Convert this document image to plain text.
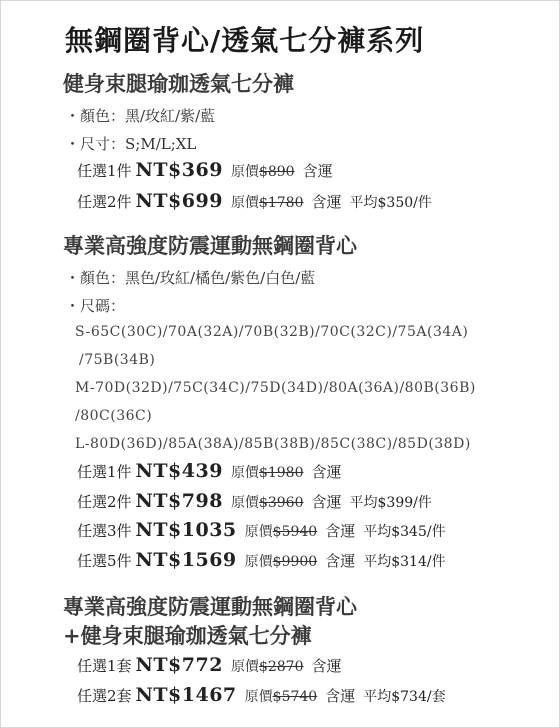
無鋼圈背心/透氣七分褲系列
健身束腿瑜珈透氣七分褲
・顏色：黑/玫紅/紫/藍
・尺寸：S;M/L;XL
任選1件 NT$369 原價$890 含運
任選2件 NT$699 原價$1780 含運 平均$350/件
專業高強度防震運動無鋼圈背心
・顏色：黑色/玫紅/橘色/紫色/白色/藍
・尺碼：
S-65C(30C)/70A(32A)/70B(32B)/70C(32C)/75A(34A)
/75B(34B)
M-70D(32D)/75C(34C)/75D(34D)/80A(36A)/80B(36B)
/80C(36C)
L-80D(36D)/85A(38A)/85B(38B)/85C(38C)/85D(38D)
任選1件 NT$439 原價$1980 含運
任選2件 NT$798 原價$3960 含運 平均$399/件
任選3件 NT$1035 原價$5940 含運 平均$345/件
任選5件 NT$1569 原價$9900 含運 平均$314/件
專業高強度防震運動無鋼圈背心
+健身束腿瑜珈透氣七分褲
任選1套 NT$772 原價$2870 含運
任選2套 NT$1467 原價$5740 含運 平均$734/套
